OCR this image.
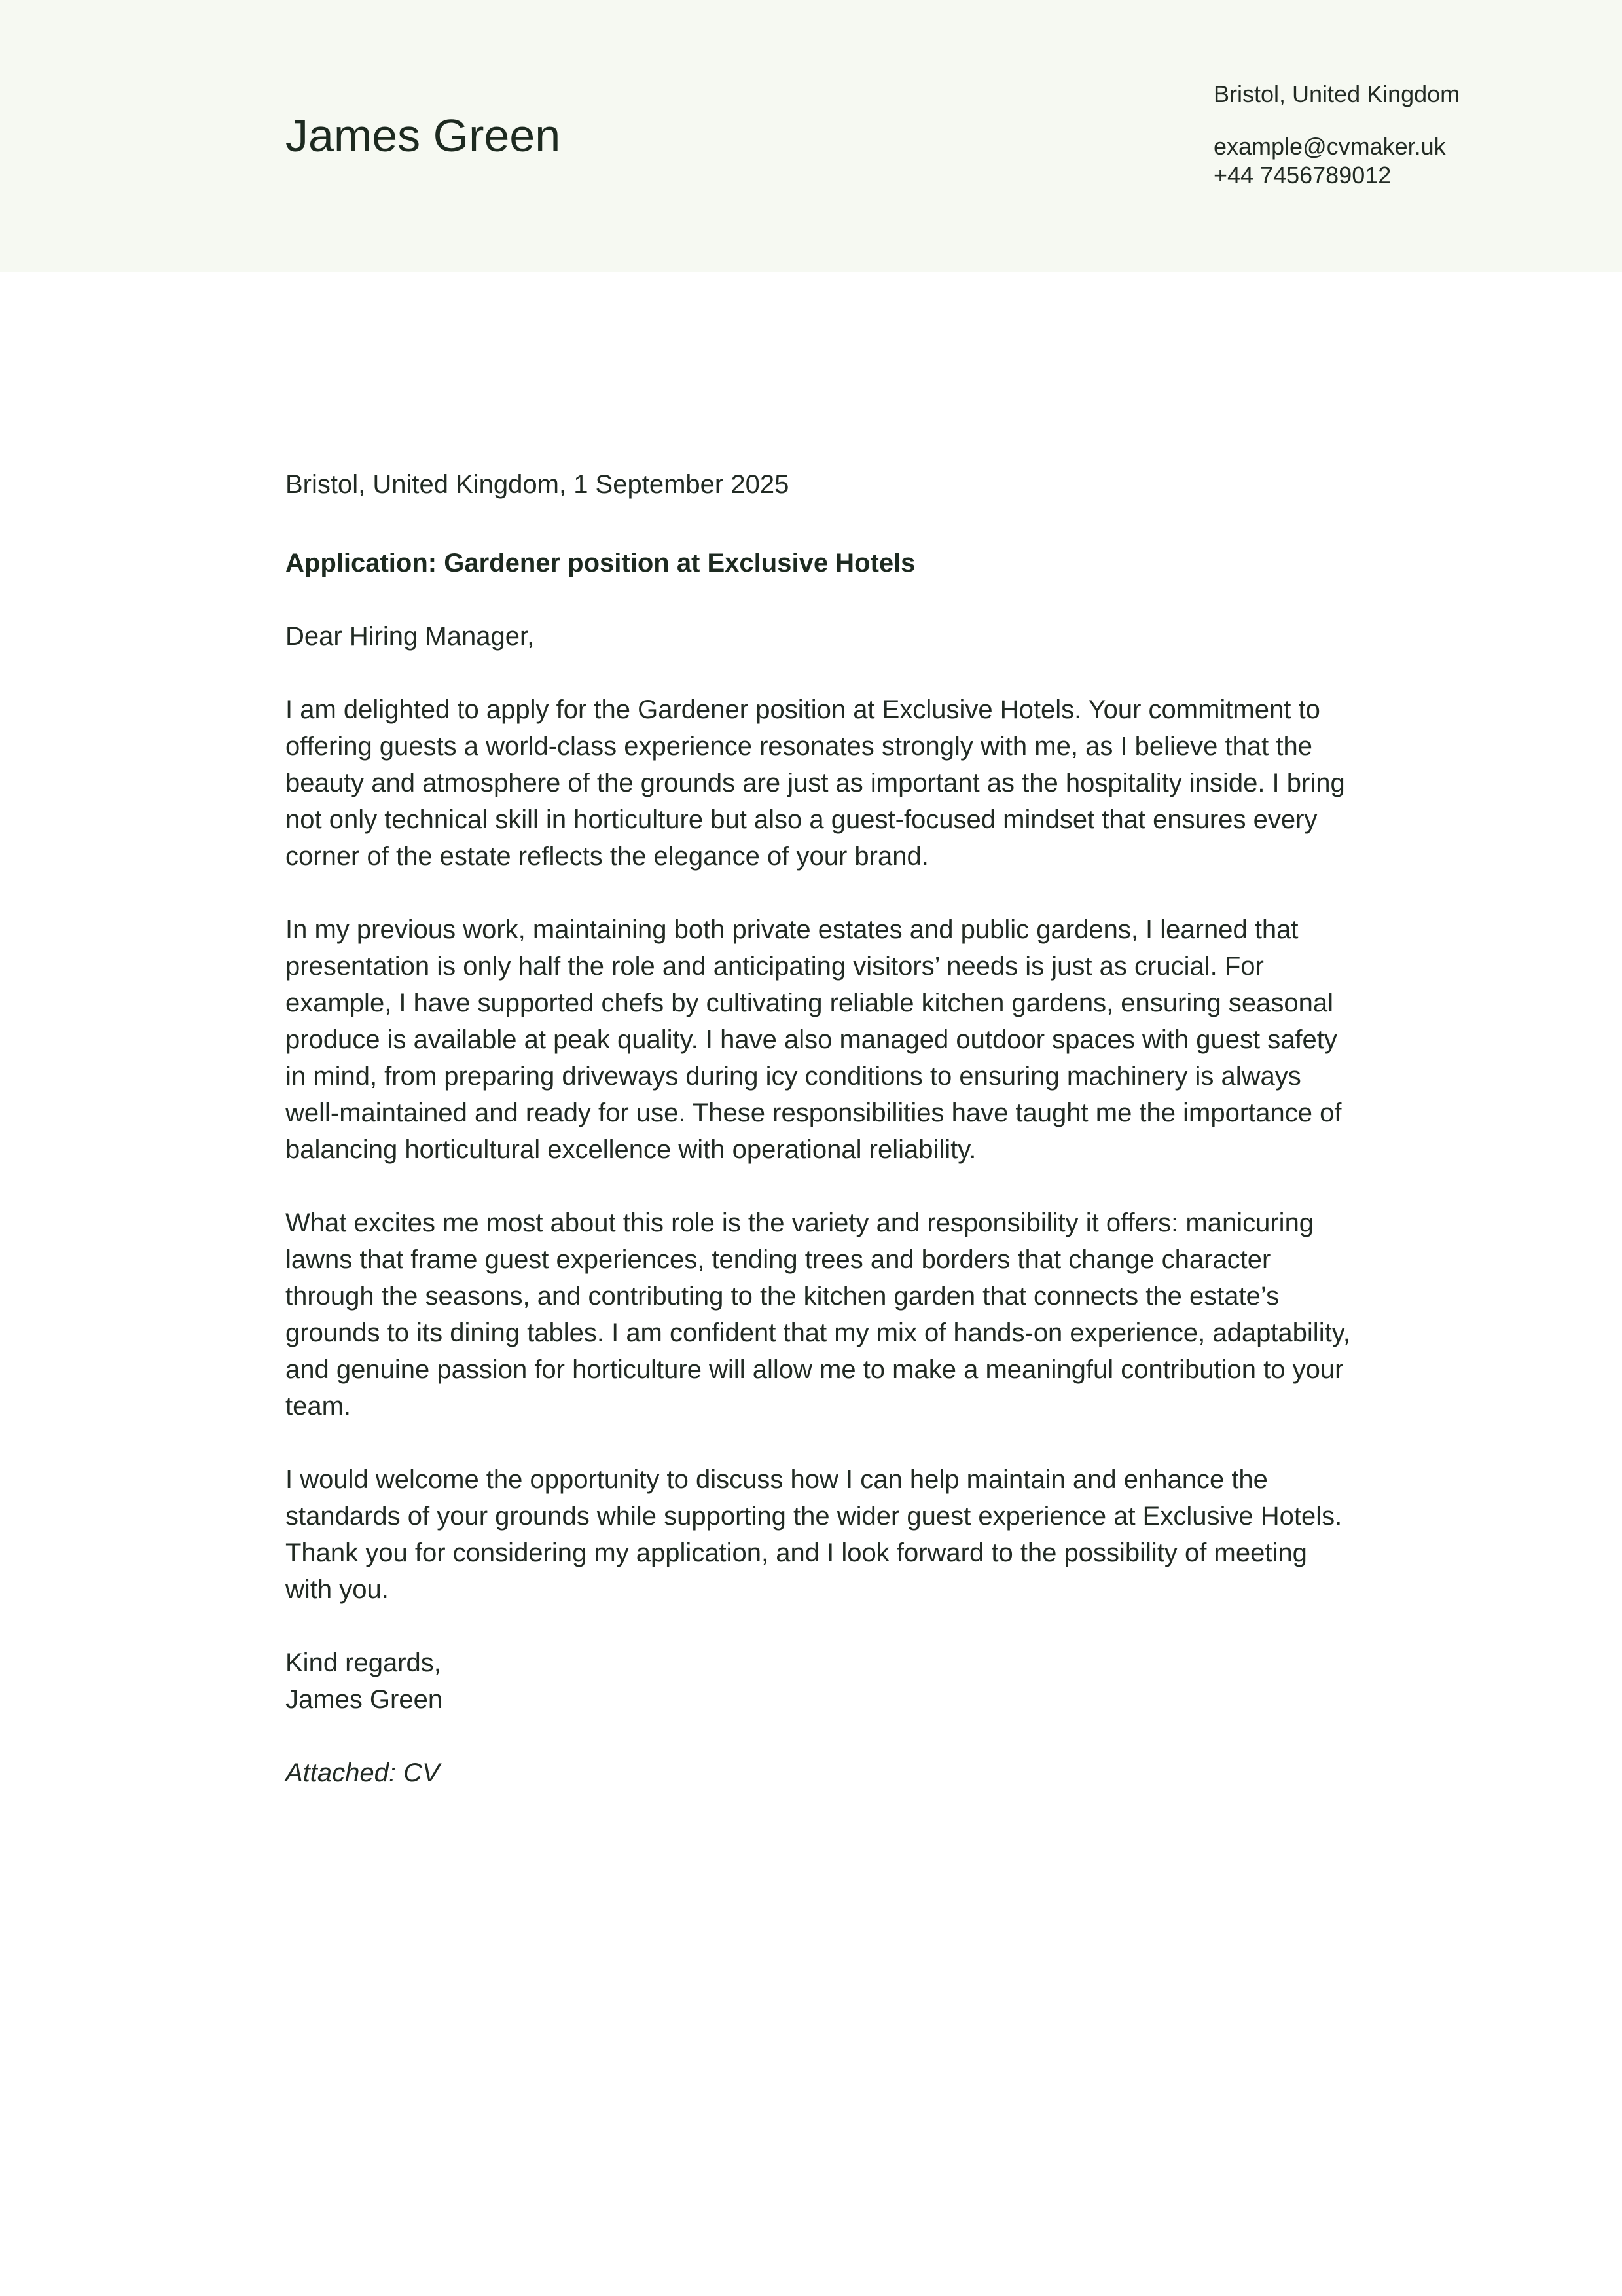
James Green
Bristol, United Kingdom
example@cvmaker.uk
+44 7456789012

Bristol, United Kingdom, 1 September 2025

Application: Gardener position at Exclusive Hotels

Dear Hiring Manager,

I am delighted to apply for the Gardener position at Exclusive Hotels. Your commitment to offering guests a world-class experience resonates strongly with me, as I believe that the beauty and atmosphere of the grounds are just as important as the hospitality inside. I bring not only technical skill in horticulture but also a guest-focused mindset that ensures every corner of the estate reflects the elegance of your brand.

In my previous work, maintaining both private estates and public gardens, I learned that presentation is only half the role and anticipating visitors’ needs is just as crucial. For example, I have supported chefs by cultivating reliable kitchen gardens, ensuring seasonal produce is available at peak quality. I have also managed outdoor spaces with guest safety in mind, from preparing driveways during icy conditions to ensuring machinery is always well-maintained and ready for use. These responsibilities have taught me the importance of balancing horticultural excellence with operational reliability.

What excites me most about this role is the variety and responsibility it offers: manicuring lawns that frame guest experiences, tending trees and borders that change character through the seasons, and contributing to the kitchen garden that connects the estate’s grounds to its dining tables. I am confident that my mix of hands-on experience, adaptability, and genuine passion for horticulture will allow me to make a meaningful contribution to your team.

I would welcome the opportunity to discuss how I can help maintain and enhance the standards of your grounds while supporting the wider guest experience at Exclusive Hotels. Thank you for considering my application, and I look forward to the possibility of meeting with you.

Kind regards,
James Green

Attached: CV
